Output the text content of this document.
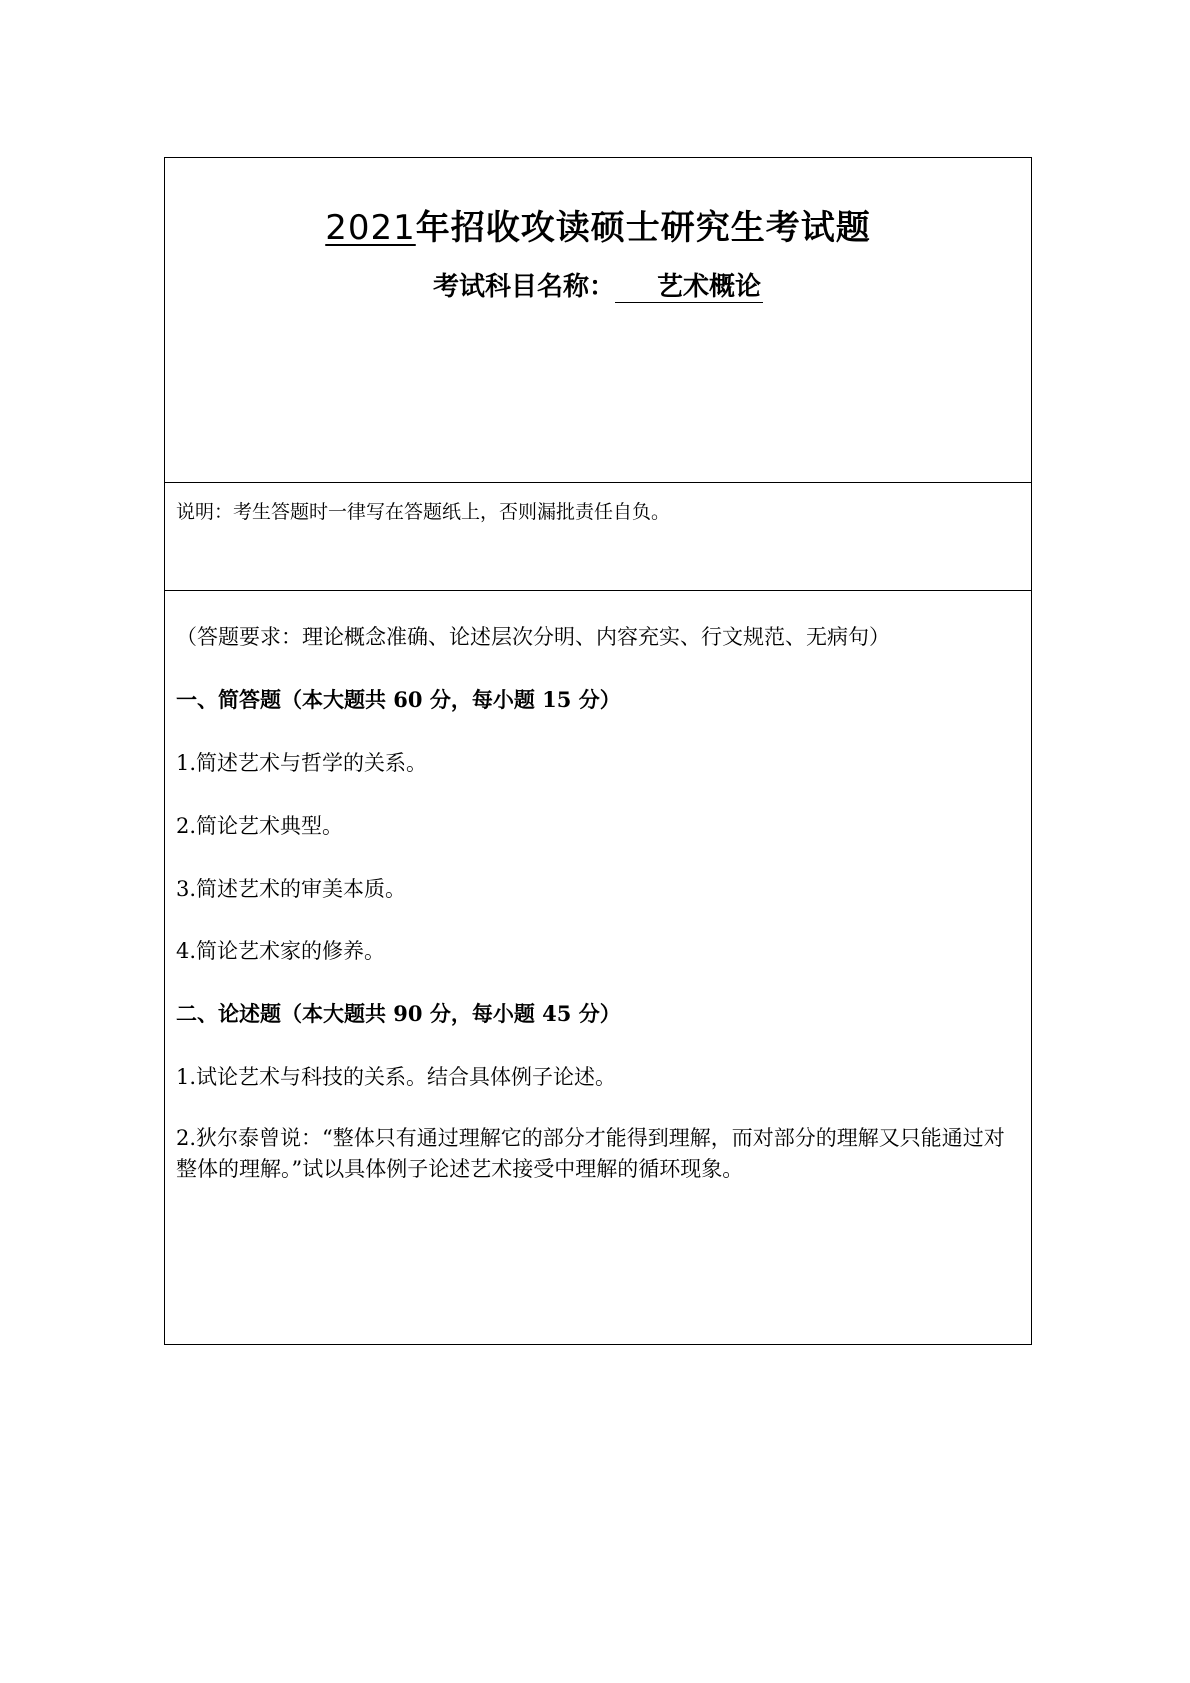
2021年招收攻读硕士研究生考试题
考试科目名称： 艺术概论
说明：考生答题时一律写在答题纸上，否则漏批责任自负。
（答题要求：理论概念准确、论述层次分明、内容充实、行文规范、无病句）
一、简答题（本大题共 60 分，每小题 15 分）
1.简述艺术与哲学的关系。
2.简论艺术典型。
3.简述艺术的审美本质。
4.简论艺术家的修养。
二、论述题（本大题共 90 分，每小题 45 分）
1.试论艺术与科技的关系。结合具体例子论述。
2.狄尔泰曾说：“整体只有通过理解它的部分才能得到理解，而对部分的理解又只能通过对整体的理解。”试以具体例子论述艺术接受中理解的循环现象。
